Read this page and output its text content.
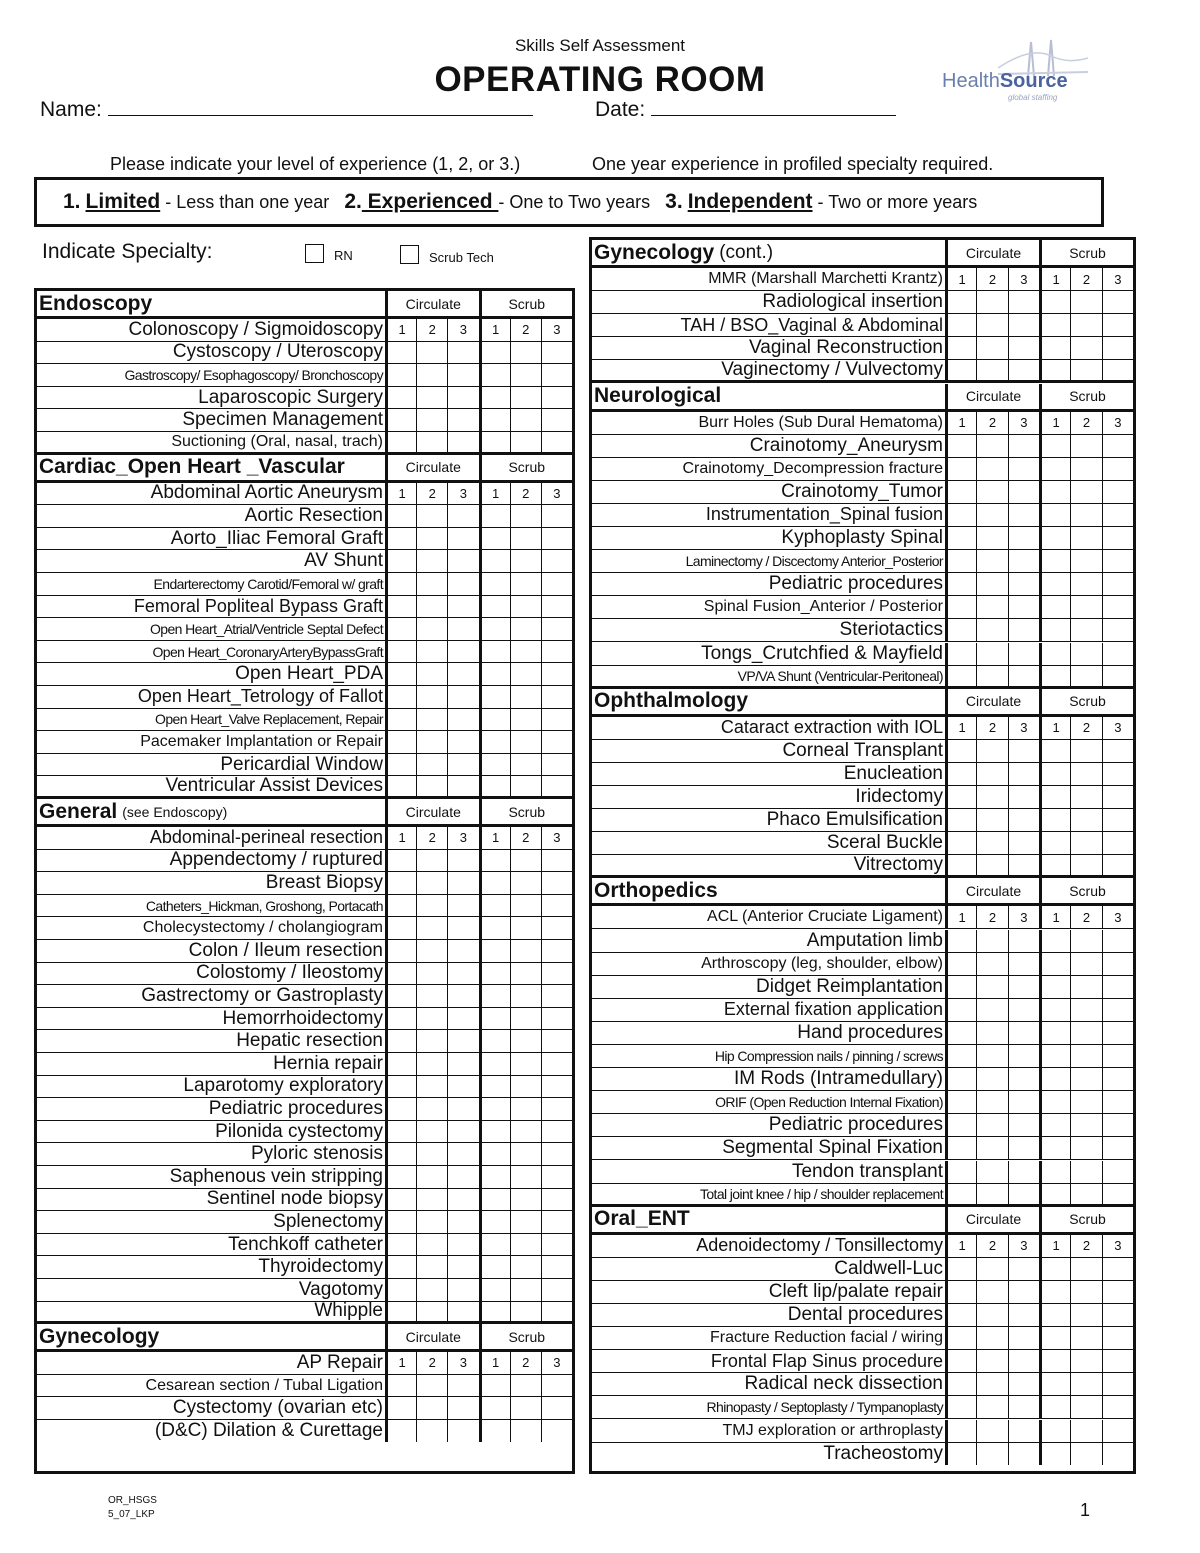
Skills Self Assessment
OPERATING ROOM
Name:	Date:
HealthSource
global staffing
Please indicate your level of experience (1, 2, or 3.)	One year experience in profiled specialty required.
1. Limited - Less than one year 2. Experienced - One to Two years 3. Independent - Two or more years
Indicate Specialty:	RN	Scrub Tech
Endoscopy	Circulate	Scrub
Colonoscopy / Sigmoidoscopy	1	2	3	1	2	3
Cystoscopy / Uteroscopy
Gastroscopy/ Esophagoscopy/ Bronchoscopy
Laparoscopic Surgery
Specimen Management
Suctioning (Oral, nasal, trach)
Cardiac_Open Heart _Vascular	Circulate	Scrub
Abdominal Aortic Aneurysm	1	2	3	1	2	3
Aortic Resection
Aorto_Iliac Femoral Graft
AV Shunt
Endarterectomy Carotid/Femoral w/ graft
Femoral Popliteal Bypass Graft
Open Heart_Atrial/Ventricle Septal Defect
Open Heart_CoronaryArteryBypassGraft
Open Heart_PDA
Open Heart_Tetrology of Fallot
Open Heart_Valve Replacement, Repair
Pacemaker Implantation or Repair
Pericardial Window
Ventricular Assist Devices
General (see Endoscopy)	Circulate	Scrub
Abdominal-perineal resection	1	2	3	1	2	3
Appendectomy / ruptured
Breast Biopsy
Catheters_Hickman, Groshong, Portacath
Cholecystectomy / cholangiogram
Colon / Ileum resection
Colostomy / Ileostomy
Gastrectomy or Gastroplasty
Hemorrhoidectomy
Hepatic resection
Hernia repair
Laparotomy exploratory
Pediatric procedures
Pilonida cystectomy
Pyloric stenosis
Saphenous vein stripping
Sentinel node biopsy
Splenectomy
Tenchkoff catheter
Thyroidectomy
Vagotomy
Whipple
Gynecology	Circulate	Scrub
AP Repair	1	2	3	1	2	3
Cesarean section / Tubal Ligation
Cystectomy (ovarian etc)
(D&C) Dilation & Curettage
Gynecology (cont.)	Circulate	Scrub
MMR (Marshall Marchetti Krantz)	1	2	3	1	2	3
Radiological insertion
TAH / BSO_Vaginal & Abdominal
Vaginal Reconstruction
Vaginectomy / Vulvectomy
Neurological	Circulate	Scrub
Burr Holes (Sub Dural Hematoma)	1	2	3	1	2	3
Crainotomy_Aneurysm
Crainotomy_Decompression fracture
Crainotomy_Tumor
Instrumentation_Spinal fusion
Kyphoplasty Spinal
Laminectomy / Discectomy Anterior_Posterior
Pediatric procedures
Spinal Fusion_Anterior / Posterior
Steriotactics
Tongs_Crutchfied & Mayfield
VP/VA Shunt (Ventricular-Peritoneal)
Ophthalmology	Circulate	Scrub
Cataract extraction with IOL	1	2	3	1	2	3
Corneal Transplant
Enucleation
Iridectomy
Phaco Emulsification
Sceral Buckle
Vitrectomy
Orthopedics	Circulate	Scrub
ACL (Anterior Cruciate Ligament)	1	2	3	1	2	3
Amputation limb
Arthroscopy (leg, shoulder, elbow)
Didget Reimplantation
External fixation application
Hand procedures
Hip Compression nails / pinning / screws
IM Rods (Intramedullary)
ORIF (Open Reduction Internal Fixation)
Pediatric procedures
Segmental Spinal Fixation
Tendon transplant
Total joint knee / hip / shoulder replacement
Oral_ENT	Circulate	Scrub
Adenoidectomy / Tonsillectomy	1	2	3	1	2	3
Caldwell-Luc
Cleft lip/palate repair
Dental procedures
Fracture Reduction facial / wiring
Frontal Flap Sinus procedure
Radical neck dissection
Rhinopasty / Septoplasty / Tympanoplasty
TMJ exploration or arthroplasty
Tracheostomy
OR_HSGS
5_07_LKP	1
